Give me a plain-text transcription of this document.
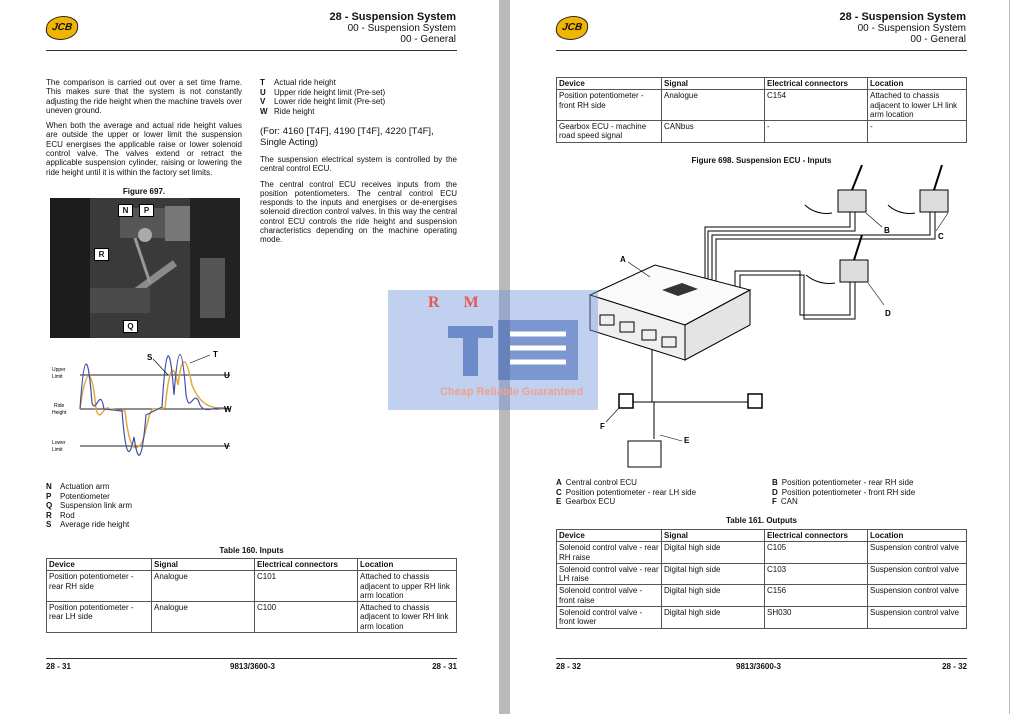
JCB
28 - Suspension System
00 - Suspension System
00 - General

The comparison is carried out over a set time frame. This makes sure that the system is not constantly adjusting the ride height when the machine travels over uneven ground.

When both the average and actual ride height values are outside the upper or lower limit the suspension ECU energises the applicable raise or lower solenoid control valve. The valves extend or retract the applicable suspension cylinder, raising or lowering the ride height until it is within the factory set limits.

Figure 697.
N	P
R
Q
Upper
Limit
Ride
Height
Lower
Limit
S	T
U
W
V
T Actual ride height
U Upper ride height limit (Pre-set)
V Lower ride height limit (Pre-set)
W Ride height
(For: 4160 [T4F], 4190 [T4F], 4220 [T4F], Single Acting)

The suspension electrical system is controlled by the central control ECU.

The central control ECU receives inputs from the position potentiometers. The central control ECU responds to the inputs and energises or de-energises solenoid direction control valves. In this way the central control ECU controls the ride height and suspension characteristics depending on the machine operating mode.

N Actuation arm
P Potentiometer
Q Suspension link arm
R Rod
S Average ride height
Table 160. Inputs
Device	Signal	Electrical connectors	Location
Position potentiometer - rear RH side	Analogue	C101	Attached to chassis adjacent to upper RH link arm location
Position potentiometer - rear LH side	Analogue	C100	Attached to chassis adjacent to lower RH link arm location
28 - 31	9813/3600-3	28 - 31
JCB
28 - Suspension System
00 - Suspension System
00 - General
Device	Signal	Electrical connectors	Location
Position potentiometer - front RH side	Analogue	C154	Attached to chassis adjacent to lower LH link arm location
Gearbox ECU - machine road speed signal	CANbus	-	-
Figure 698. Suspension ECU - Inputs
A
B
C
D
E
F
A Central control ECU
C Position potentiometer - rear LH side
E Gearbox ECU
B Position potentiometer - rear RH side
D Position potentiometer - front RH side
F CAN
Table 161. Outputs
Device	Signal	Electrical connectors	Location
Solenoid control valve - rear RH raise	Digital high side	C105	Suspension control valve
Solenoid control valve - rear LH raise	Digital high side	C103	Suspension control valve
Solenoid control valve - front raise	Digital high side	C156	Suspension control valve
Solenoid control valve - front lower	Digital high side	SH030	Suspension control valve
28 - 32	9813/3600-3	28 - 32
R M
Cheap Reliable Guaranteed
